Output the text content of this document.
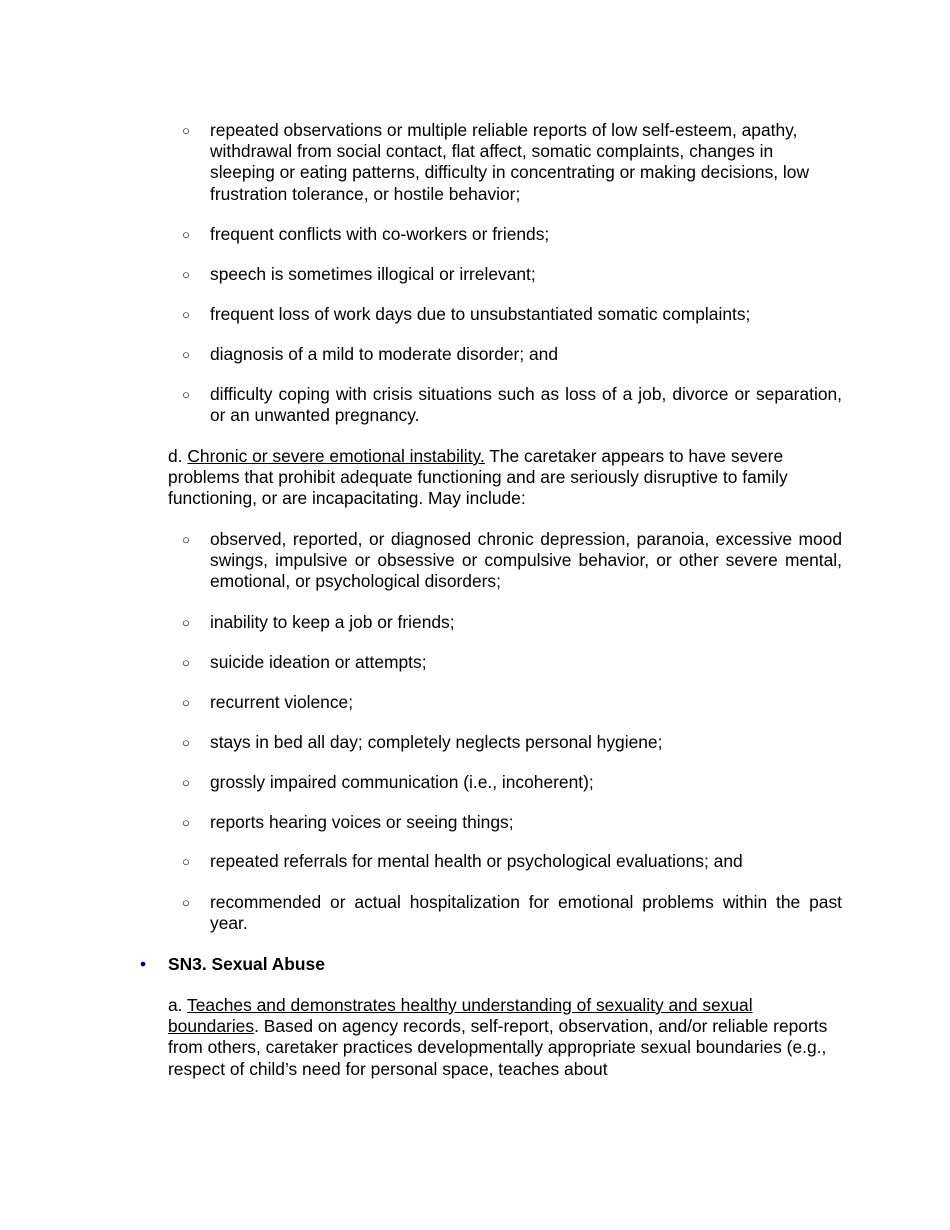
○	repeated observations or multiple reliable reports of low self-esteem, apathy, withdrawal from social contact, flat affect, somatic complaints, changes in sleeping or eating patterns, difficulty in concentrating or making decisions, low frustration tolerance, or hostile behavior;
○	frequent conflicts with co-workers or friends;
○	speech is sometimes illogical or irrelevant;
○	frequent loss of work days due to unsubstantiated somatic complaints;
○	diagnosis of a mild to moderate disorder; and
○	difficulty coping with crisis situations such as loss of a job, divorce or separation, or an unwanted pregnancy.
d. Chronic or severe emotional instability. The caretaker appears to have severe problems that prohibit adequate functioning and are seriously disruptive to family functioning, or are incapacitating. May include:
○	observed, reported, or diagnosed chronic depression, paranoia, excessive mood swings, impulsive or obsessive or compulsive behavior, or other severe mental, emotional, or psychological disorders;
○	inability to keep a job or friends;
○	suicide ideation or attempts;
○	recurrent violence;
○	stays in bed all day; completely neglects personal hygiene;
○	grossly impaired communication (i.e., incoherent);
○	reports hearing voices or seeing things;
○	repeated referrals for mental health or psychological evaluations; and
○	recommended or actual hospitalization for emotional problems within the past year.
• SN3. Sexual Abuse
a. Teaches and demonstrates healthy understanding of sexuality and sexual boundaries. Based on agency records, self-report, observation, and/or reliable reports from others, caretaker practices developmentally appropriate sexual boundaries (e.g., respect of child’s need for personal space, teaches about
